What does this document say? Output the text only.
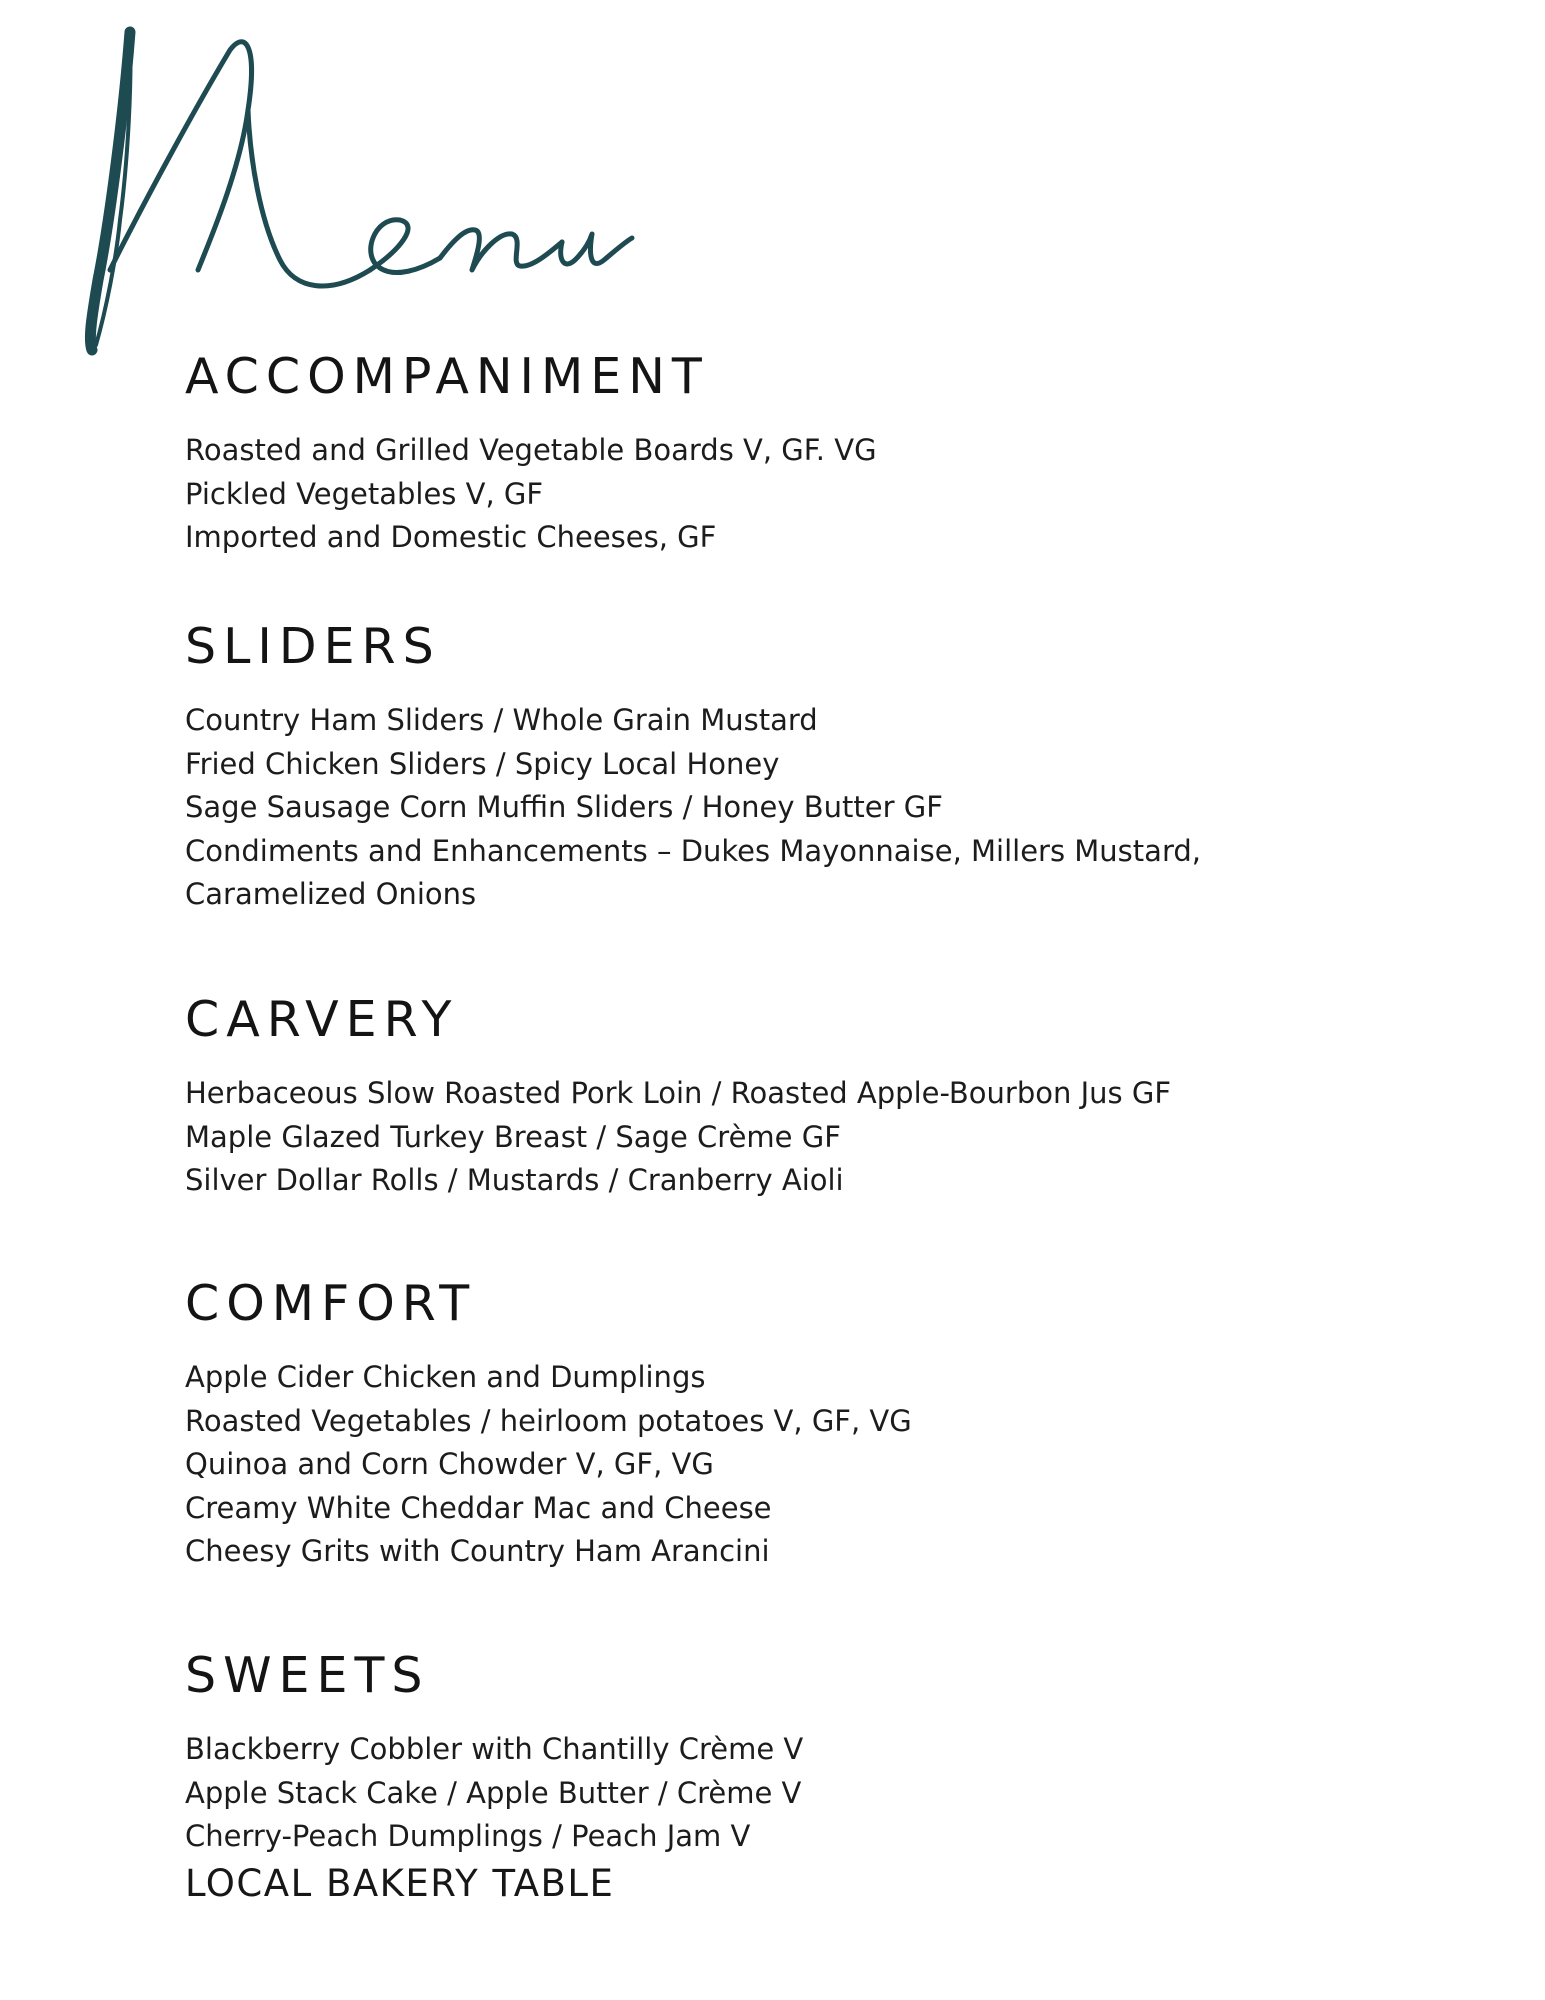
ACCOMPANIMENT
Roasted and Grilled Vegetable Boards V, GF. VG
Pickled Vegetables V, GF
Imported and Domestic Cheeses, GF
SLIDERS
Country Ham Sliders / Whole Grain Mustard
Fried Chicken Sliders / Spicy Local Honey
Sage Sausage Corn Muffin Sliders / Honey Butter GF
Condiments and Enhancements – Dukes Mayonnaise, Millers Mustard, Caramelized Onions
CARVERY
Herbaceous Slow Roasted Pork Loin / Roasted Apple-Bourbon Jus GF
Maple Glazed Turkey Breast / Sage Crème GF
Silver Dollar Rolls / Mustards / Cranberry Aioli
COMFORT
Apple Cider Chicken and Dumplings
Roasted Vegetables / heirloom potatoes V, GF, VG
Quinoa and Corn Chowder V, GF, VG
Creamy White Cheddar Mac and Cheese
Cheesy Grits with Country Ham Arancini
SWEETS
Blackberry Cobbler with Chantilly Crème V
Apple Stack Cake / Apple Butter / Crème V
Cherry-Peach Dumplings / Peach Jam V
LOCAL BAKERY TABLE
